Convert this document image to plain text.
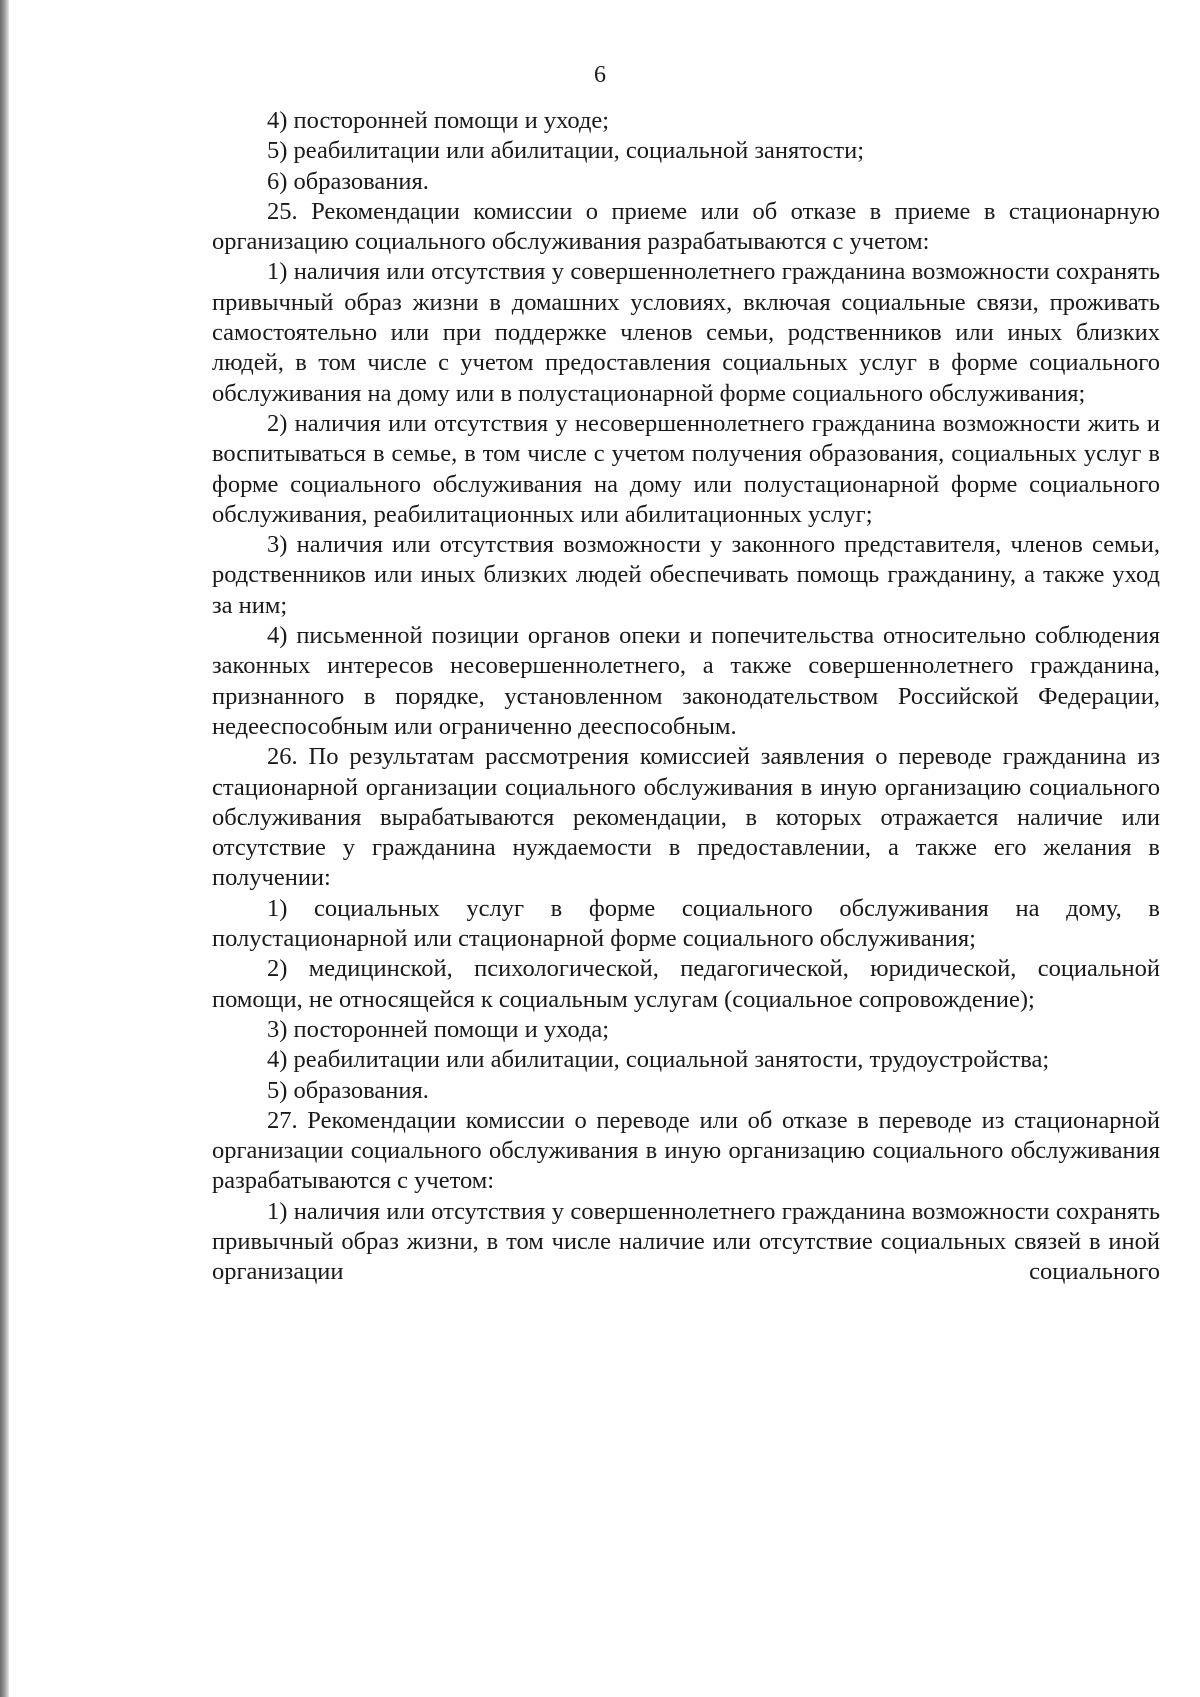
6

4) посторонней помощи и уходе;

5) реабилитации или абилитации, социальной занятости;

6) образования.

25. Рекомендации комиссии о приеме или об отказе в приеме в стационарную организацию социального обслуживания разрабатываются с учетом:

1) наличия или отсутствия у совершеннолетнего гражданина возможности сохранять привычный образ жизни в домашних условиях, включая социальные связи, проживать самостоятельно или при поддержке членов семьи, родственников или иных близких людей, в том числе с учетом предоставления социальных услуг в форме социального обслуживания на дому или в полустационарной форме социального обслуживания;

2) наличия или отсутствия у несовершеннолетнего гражданина возможности жить и воспитываться в семье, в том числе с учетом получения образования, социальных услуг в форме социального обслуживания на дому или полустационарной форме социального обслуживания, реабилитационных или абилитационных услуг;

3) наличия или отсутствия возможности у законного представителя, членов семьи, родственников или иных близких людей обеспечивать помощь гражданину, а также уход за ним;

4) письменной позиции органов опеки и попечительства относительно соблюдения законных интересов несовершеннолетнего, а также совершеннолетнего гражданина, признанного в порядке, установленном законодательством Российской Федерации, недееспособным или ограниченно дееспособным.

26. По результатам рассмотрения комиссией заявления о переводе гражданина из стационарной организации социального обслуживания в иную организацию социального обслуживания вырабатываются рекомендации, в которых отражается наличие или отсутствие у гражданина нуждаемости в предоставлении, а также его желания в получении:

1) социальных услуг в форме социального обслуживания на дому, в полустационарной или стационарной форме социального обслуживания;

2) медицинской, психологической, педагогической, юридической, социальной помощи, не относящейся к социальным услугам (социальное сопровождение);

3) посторонней помощи и ухода;

4) реабилитации или абилитации, социальной занятости, трудоустройства;

5) образования.

27. Рекомендации комиссии о переводе или об отказе в переводе из стационарной организации социального обслуживания в иную организацию социального обслуживания разрабатываются с учетом:

1) наличия или отсутствия у совершеннолетнего гражданина возможности сохранять привычный образ жизни, в том числе наличие или отсутствие социальных связей в иной организации социального
